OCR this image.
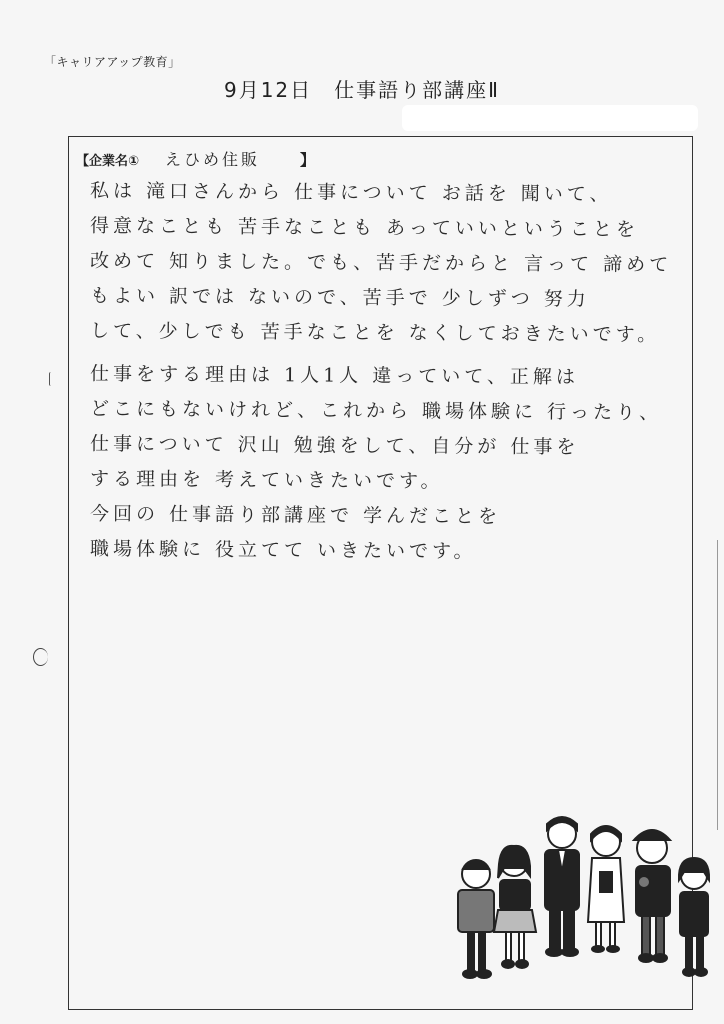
「キャリアアップ教育」
9月12日　仕事語り部講座Ⅱ
【企業名① えひめ住販	】
私は 滝口さんから 仕事について お話を 聞いて、
得意なことも 苦手なことも あっていいということを
改めて 知りました。でも、苦手だからと 言って 諦めて
もよい 訳では ないので、苦手で 少しずつ 努力
して、少しでも 苦手なことを なくしておきたいです。
仕事をする理由は 1人1人 違っていて、正解は
どこにもないけれど、これから 職場体験に 行ったり、
仕事について 沢山 勉強をして、自分が 仕事を
する理由を 考えていきたいです。
今回の 仕事語り部講座で 学んだことを
職場体験に 役立てて いきたいです。
